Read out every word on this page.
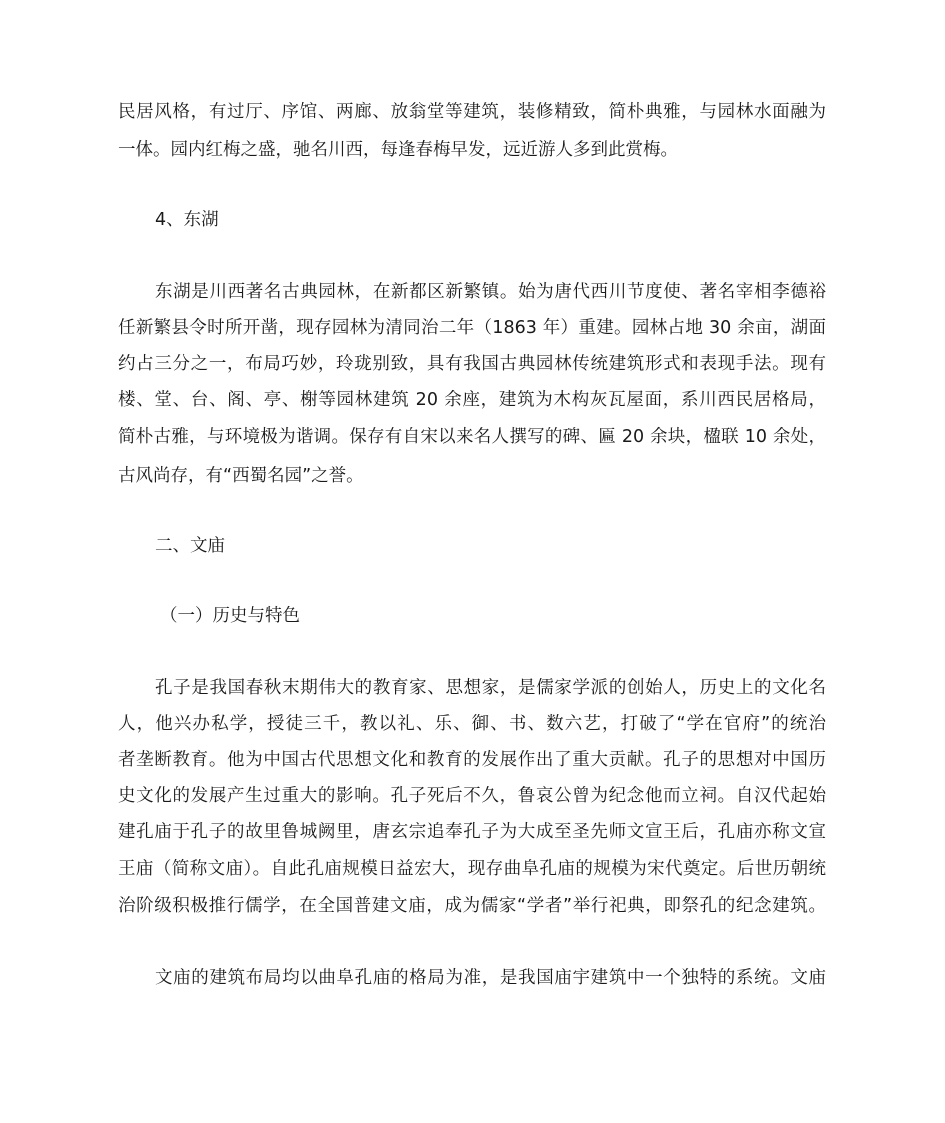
民居风格，有过厅、序馆、两廊、放翁堂等建筑，装修精致，简朴典雅，与园林水面融为
一体。园内红梅之盛，驰名川西，每逢春梅早发，远近游人多到此赏梅。
4、东湖
东湖是川西著名古典园林，在新都区新繁镇。始为唐代西川节度使、著名宰相李德裕
任新繁县令时所开凿，现存园林为清同治二年（1863 年）重建。园林占地 30 余亩，湖面
约占三分之一，布局巧妙，玲珑别致，具有我国古典园林传统建筑形式和表现手法。现有
楼、堂、台、阁、亭、榭等园林建筑 20 余座，建筑为木构灰瓦屋面，系川西民居格局，
简朴古雅，与环境极为谐调。保存有自宋以来名人撰写的碑、匾 20 余块，楹联 10 余处，
古风尚存，有“西蜀名园”之誉。
二、文庙
（一）历史与特色
孔子是我国春秋末期伟大的教育家、思想家，是儒家学派的创始人，历史上的文化名
人，他兴办私学，授徒三千，教以礼、乐、御、书、数六艺，打破了“学在官府”的统治
者垄断教育。他为中国古代思想文化和教育的发展作出了重大贡献。孔子的思想对中国历
史文化的发展产生过重大的影响。孔子死后不久，鲁哀公曾为纪念他而立祠。自汉代起始
建孔庙于孔子的故里鲁城阙里，唐玄宗追奉孔子为大成至圣先师文宣王后，孔庙亦称文宣
王庙（简称文庙）。自此孔庙规模日益宏大，现存曲阜孔庙的规模为宋代奠定。后世历朝统
治阶级积极推行儒学，在全国普建文庙，成为儒家“学者”举行祀典，即祭孔的纪念建筑。
文庙的建筑布局均以曲阜孔庙的格局为准，是我国庙宇建筑中一个独特的系统。文庙
